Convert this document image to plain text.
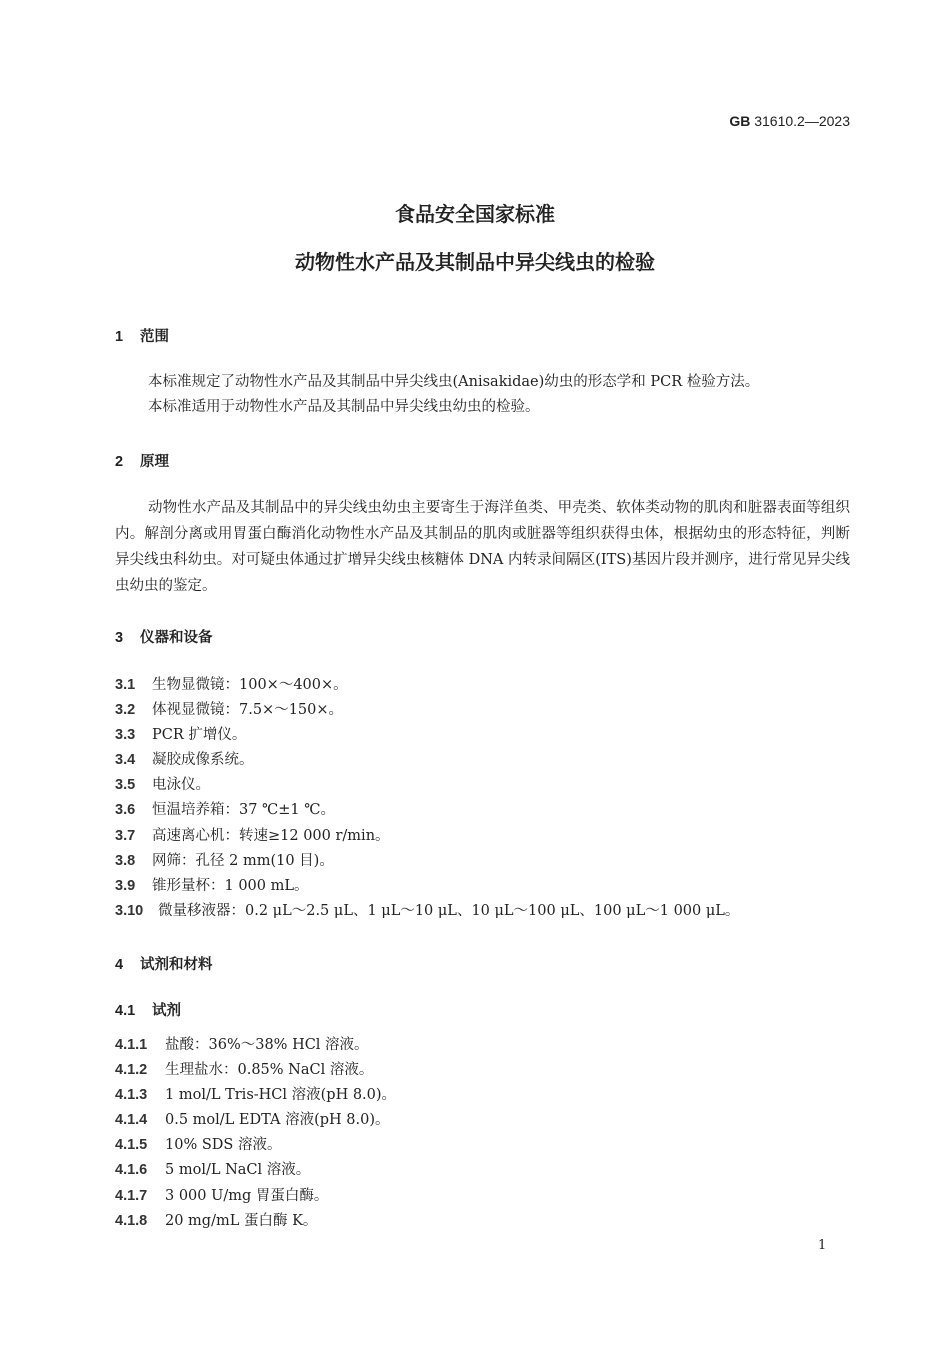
GB 31610.2—2023
食品安全国家标准
动物性水产品及其制品中异尖线虫的检验
1 范围
本标准规定了动物性水产品及其制品中异尖线虫(Anisakidae)幼虫的形态学和 PCR 检验方法。
本标准适用于动物性水产品及其制品中异尖线虫幼虫的检验。
2 原理
动物性水产品及其制品中的异尖线虫幼虫主要寄生于海洋鱼类、甲壳类、软体类动物的肌肉和脏器表面等组织内。解剖分离或用胃蛋白酶消化动物性水产品及其制品的肌肉或脏器等组织获得虫体，根据幼虫的形态特征，判断异尖线虫科幼虫。对可疑虫体通过扩增异尖线虫核糖体 DNA 内转录间隔区(ITS)基因片段并测序，进行常见异尖线虫幼虫的鉴定。
3 仪器和设备
3.1 生物显微镜：100×～400×。
3.2 体视显微镜：7.5×～150×。
3.3 PCR 扩增仪。
3.4 凝胶成像系统。
3.5 电泳仪。
3.6 恒温培养箱：37 ℃±1 ℃。
3.7 高速离心机：转速≥12 000 r/min。
3.8 网筛：孔径 2 mm(10 目)。
3.9 锥形量杯：1 000 mL。
3.10 微量移液器：0.2 μL～2.5 μL、1 μL～10 μL、10 μL～100 μL、100 μL～1 000 μL。
4 试剂和材料
4.1 试剂
4.1.1 盐酸：36%～38% HCl 溶液。
4.1.2 生理盐水：0.85% NaCl 溶液。
4.1.3 1 mol/L Tris-HCl 溶液(pH 8.0)。
4.1.4 0.5 mol/L EDTA 溶液(pH 8.0)。
4.1.5 10% SDS 溶液。
4.1.6 5 mol/L NaCl 溶液。
4.1.7 3 000 U/mg 胃蛋白酶。
4.1.8 20 mg/mL 蛋白酶 K。
1
